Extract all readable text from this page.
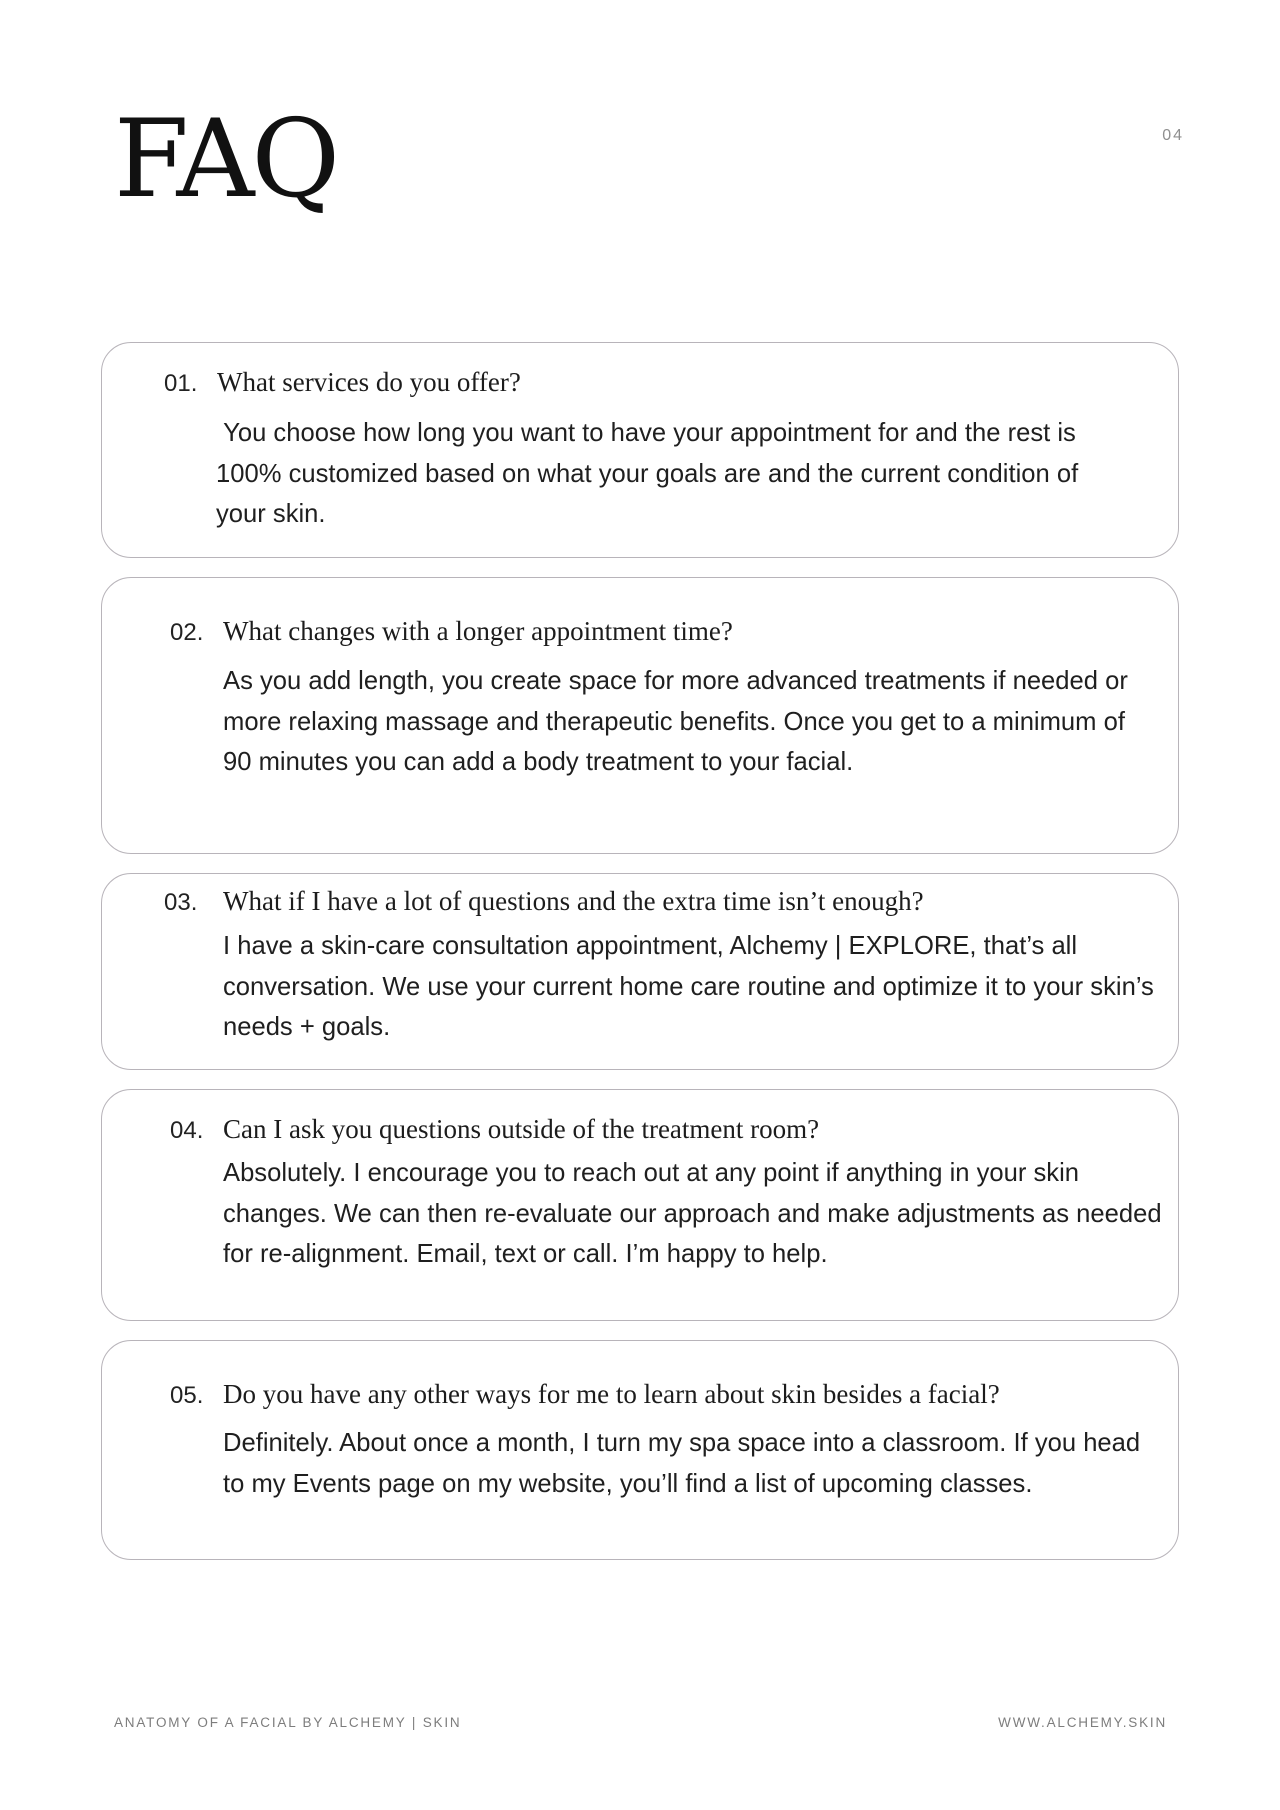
FAQ	04
01. What services do you offer?

You choose how long you want to have your appointment for and the rest is 100% customized based on what your goals are and the current condition of your skin.

02. What changes with a longer appointment time?

As you add length, you create space for more advanced treatments if needed or more relaxing massage and therapeutic benefits. Once you get to a minimum of 90 minutes you can add a body treatment to your facial.

03. What if I have a lot of questions and the extra time isn’t enough?

I have a skin-care consultation appointment, Alchemy | EXPLORE, that’s all conversation. We use your current home care routine and optimize it to your skin’s needs + goals.

04. Can I ask you questions outside of the treatment room?

Absolutely. I encourage you to reach out at any point if anything in your skin changes. We can then re-evaluate our approach and make adjustments as needed for re-alignment. Email, text or call. I’m happy to help.

05. Do you have any other ways for me to learn about skin besides a facial?

Definitely. About once a month, I turn my spa space into a classroom. If you head to my Events page on my website, you’ll find a list of upcoming classes.

ANATOMY OF A FACIAL BY ALCHEMY | SKIN	WWW.ALCHEMY.SKIN
